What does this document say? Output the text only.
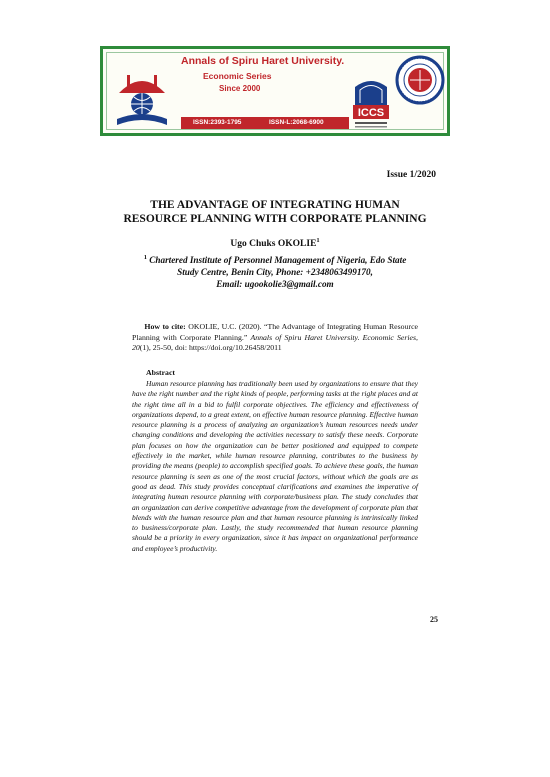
Annals of Spiru Haret University.
Economic Series
Since 2000
ISSN:2393-1795	ISSN-L:2068-6900
ICCS
Issue 1/2020
THE ADVANTAGE OF INTEGRATING HUMAN
RESOURCE PLANNING WITH CORPORATE PLANNING
Ugo Chuks OKOLIE$^1$
$^1$ Chartered Institute of Personnel Management of Nigeria, Edo State
Study Centre, Benin City, Phone: +2348063499170,
Email: ugookolie3@gmail.com
How to cite: OKOLIE, U.C. (2020). “The Advantage of Integrating Human Resource Planning with Corporate Planning.” Annals of Spiru Haret University. Economic Series, 20(1), 25-50, doi: https://doi.org/10.26458/2011
Abstract

Human resource planning has traditionally been used by organizations to ensure that they have the right number and the right kinds of people, performing tasks at the right places and at the right time all in a bid to fulfil corporate objectives. The efficiency and effectiveness of organizations depend, to a great extent, on effective human resource planning. Effective human resource planning is a process of analyzing an organization’s human resources needs under changing conditions and developing the activities necessary to satisfy these needs. Corporate plan focuses on how the organization can be better positioned and equipped to compete effectively in the market, while human resource planning, contributes to the business by providing the means (people) to accomplish specified goals. To achieve these goals, the human resource planning is seen as one of the most crucial factors, without which the goals are as good as dead. This study provides conceptual clarifications and examines the imperative of integrating human resource planning with corporate/business plan. The study concludes that an organization can derive competitive advantage from the development of corporate plan that blends with the human resource plan and that human resource planning is intrinsically linked to business/corporate plan. Lastly, the study recommended that human resource planning should be a priority in every organization, since it has impact on organizational performance and employee’s productivity.

25
